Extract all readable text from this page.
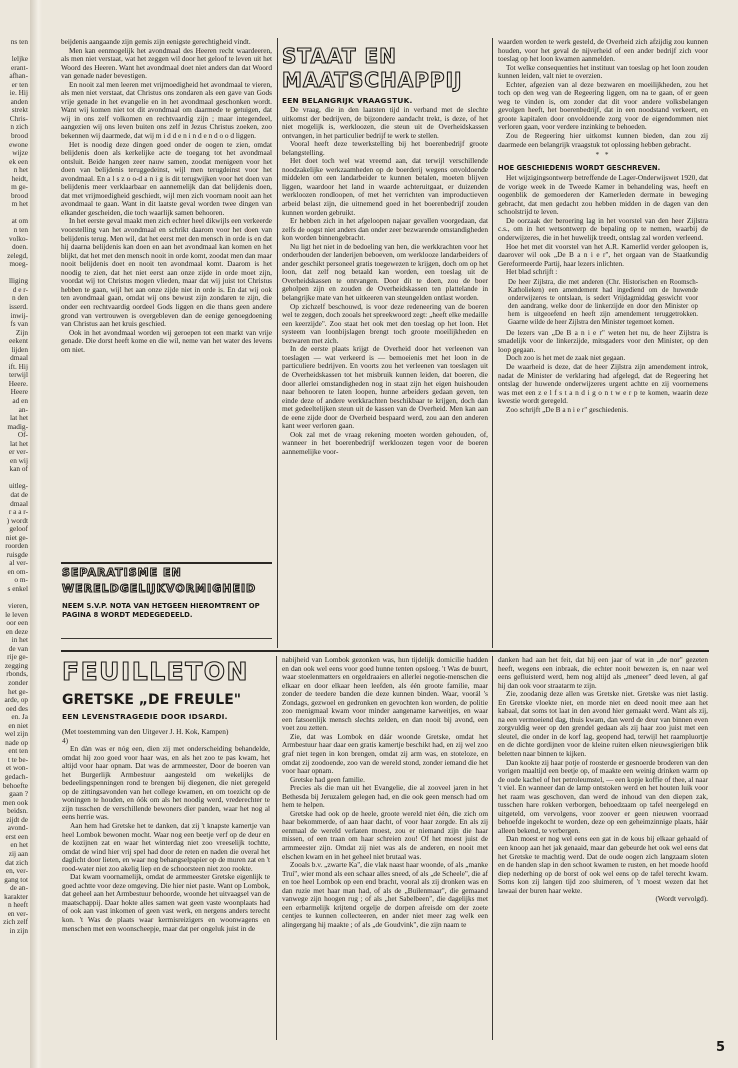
ns ten

leljke
erant-
afhan-
er ten
ie. Hij
anden
strekt
Chris-
n zich
brood
ewone
wijze
ek een
n het
heidt,
m ge-
brood
m het

at om
n ten
volko-
doen.
zelegd,
moeg-

lliging
d e r-
n den
isserd.
inwij-
fs van
Zijn
eekent
lijden
dmaal
ift. Hij
terwijl
Heere.
Heere
ad en
an-
lat het
madig-
Of-
lat het
er ver-
en wij
kan of

uitleg-
dat de
dmaal
r a a r-
) wordt
geloof
niet ge-
roorden
ruisgde
al ver-
en om-
o m-
s enkel

vieren,
le leven
oor een
en deze
in het
de van
rije ge-
zegging
rbonds,
zonder
het ge-
arde, op
oed des
en. Ja
en niet
wel zijn
nade op
ent ten
t te be-
et won-
gedach-
behoefte
gaan ?
men ook
beidsn.
zijdt de
avond-
erst een
en het
zij aan
dat zich
en, ver-
gang tot
de an-
karakter
n heeft
en ver-
zich zelf
in zijn

beijdenis aangaande zijn gemis zijn eenigste gerechtigheid vindt.

Men kan eenmogelijk het avondmaal des Heeren recht waardeeren, als men niet verstaat, wat het zeggen wil door het geloof te leven uit het Woord des Heeren. Want het avondmaal doet niet anders dan dat Woord van genade nader bevestigen.

En nooit zal men leeren met vrijmoedigheid het avondmaal te vieren, als men niet verstaat, dat Christus ons zondaren als een gave van Gods vrije genade in het evangelie en in het avondmaal geschonken wordt. Want wij komen niet tot dit avondmaal om daarmede te getuigen, dat wij in ons zelf volkomen en rechtvaardig zijn ; maar integendeel, aangezien wij ons leven buiten ons zelf in Jezus Christus zoeken, zoo bekennen wij daarmede, dat wij m i d d e n i n d e n d o o d liggen.

Het is noodig deze dingen goed onder de oogen te zien, omdat belijdenis doen als kerkelijke acte de toegang tot het avondmaal ontsluit. Beide hangen zeer nauw samen, zoodat menigeen voor het doen van belijdenis teruggedeinst, wijl men terugdeinst voor het avondmaal. En a l s z o o-d a n i g is dit terugwijken voor het doen van belijdenis meer verklaarbaar en aannemelijk dan dat belijdenis doen, dat met vrijmoedigheid geschiedt, wijl men zich voornam nooit aan het avondmaal te gaan. Want in dit laatste geval worden twee dingen van elkander gescheiden, die toch waarlijk samen behooren.

In het eerste geval maakt men zich echter heel dikwijls een verkeerde voorstelling van het avondmaal en schrikt daarom voor het doen van belijdenis terug. Men wil, dat het eerst met den mensch in orde is en dat hij daarna belijdenis kan doen en aan het avondmaal kan komen en het blijkt, dat het met den mensch nooit in orde komt, zoodat men dan maar nooit belijdenis doet en nooit ten avondmaal komt. Daarom is het noodig te zien, dat het niet eerst aan onze zijde in orde moet zijn, voordat wij tot Christus mogen vlieden, maar dat wij juist tot Christus hebben te gaan, wijl het aan onze zijde niet in orde is. En dat wij ook ten avondmaal gaan, omdat wij ons bewust zijn zondaren te zijn, die onder een rechtvaardig oordeel Gods liggen en die thans geen andere grond van vertrouwen is overgebleven dan de eenige genoegdoening van Christus aan het kruis geschied.

Ook in het avondmaal worden wij geroepen tot een markt van vrije genade. Die dorst heeft kome en die wil, neme van het water des levens om niet.

SEPARATISME EN
WERELDGELIJKVORMIGHEID
NEEM S.V.P. NOTA VAN HETGEEN HIEROMTRENT OP PAGINA 8 WORDT MEDEGEDEELD.
STAAT EN
MAATSCHAPPIJ
EEN BELANGRIJK VRAAGSTUK.

De vraag, die in den laatsten tijd in verband met de slechte uitkomst der bedrijven, de bijzondere aandacht trekt, is deze, of het niet mogelijk is, werkloozen, die steun uit de Overheidskassen ontvangen, in het particulier bedrijf te werk te stellen.

Vooral heeft deze tewerkstelling bij het boerenbedrijf groote belangstelling.

Het doet toch wel wat vreemd aan, dat terwijl verschillende noodzakelijke werkzaamheden op de boerderij wegens onvoldoende middelen om een landarbeider te kunnen betalen, moeten blijven liggen, waardoor het land in waarde achteruitgaat, er duizenden werkloozen rondloopen, of met het verrichten van improductieven arbeid belast zijn, die uitnemend goed in het boerenbedrijf zouden kunnen worden gebruikt.

Er hebben zich in het afgeloopen najaar gevallen voorgedaan, dat zelfs de oogst niet anders dan onder zeer bezwarende omstandigheden kon worden binnengebracht.

Nu ligt het niet in de bedoeling van hen, die werkkrachten voor het onderhouden der landerijen beboeven, om werklooze landarbeiders of ander geschikt personeel gratis toegewezen te krijgen, doch om op het loon, dat zelf nog betaald kan worden, een toeslag uit de Overheidskassen te ontvangen. Door dit te doen, zou de boer geholpen zijn en zouden de Overheidskassen ten plattelande in belangrijke mate van het uitkeeren van steungelden ontlast worden.

Op zichzelf beschouwd, is voor deze redeneering van de boeren wel te zeggen, doch zooals het spreekwoord zegt: „heeft elke medaille een keerzijde". Zoo staat het ook met den toeslag op het loon. Het systeem van loonbijslagen brengt toch groote moeilijkheden en bezwaren met zich.

In de eerste plaats krijgt de Overheid door het verleenen van toeslagen — wat verkeerd is — bemoeienis met het loon in de particuliere bedrijven. En voorts zou het verleenen van toeslagen uit de Overheidskassen tot het misbruik kunnen leiden, dat boeren, die door allerlei omstandigheden nog in staat zijn het eigen huishouden naar behooren te laten loopen, hunne arbeiders gedaan geven, ten einde deze of andere werkkrachten beschikbaar te krijgen, doch dan met gedeeltelijken steun uit de kassen van de Overheid. Men kan aan de eene zijde door de Overheid bespaard werd, zou aan den anderen kant weer verloren gaan.

Ook zal met de vraag rekening moeten worden gehouden, of, wanneer in het boerenbedrijf werkloozen tegen voor de boeren aannemelijke voor-

waarden worden te werk gesteld, de Overheid zich afzijdig zou kunnen houden, voor het geval de nijverheid of een ander bedrijf zich voor toeslag op het loon kwamen aanmelden.

Tot welke consequenties het instituut van toeslag op het loon zouden kunnen leiden, valt niet te overzien.

Echter, afgezien van al deze bezwaren en moeilijkheden, zou het toch op den weg van de Regeering liggen, om na te gaan, of er geen weg te vinden is, om zonder dat dit voor andere volksbelangen gevolgen heeft, het boerenbedrijf, dat in een noodstand verkeert, en groote kapitalen door onvoldoende zorg voor de eigendommen niet verloren gaan, voor verdere inzinking te behoeden.

Zou de Regeering hier uitkomst kunnen bieden, dan zou zij daarmede een belangrijk vraagstuk tot oplossing hebben gebracht.

* *

HOE GESCHIEDENIS WORDT GESCHREVEN.

Het wijzigingsontwerp betreffende de Lager-Onderwijswet 1920, dat de vorige week in de Tweede Kamer in behandeling was, heeft en oogenblik de gemoederen der Kamerleden dermate in beweging gebracht, dat men gedacht zou hebben midden in de dagen van den schoolstrijd te leven.

De oorzaak der beroering lag in het voorstel van den heer Zijlstra c.s., om in het wetsontwerp de bepaling op te nemen, waarbij de onderwijzeres, die in het huwelijk treedt, ontslag zal worden verleend.

Hoe het met dit voorstel van het A.R. Kamerlid verder geloopen is, daarover wil ook „De B a n i e r", het orgaan van de Staatkundig Gereformeerde Partij, haar lezers inlichten.

Het blad schrijft :

De heer Zijlstra, die met anderen (Chr. Historischen en Roomsch-Katholieken) een amendement had ingediend om de huwende onderwijzeres te ontslaan, is sedert Vrijdagmiddag geswicht voor den aandrang, welke door de linkerzijde en door den Minister op hem is uitgeoefend en heeft zijn amendement teruggetrokken. Gaarne wilde de heer Zijlstra den Minister tegemoet komen.

De lezers van „De B a n i e r" weten het nu, de heer Zijlstra is smadelijk voor de linkerzijde, mitsgaders voor den Minister, op den loop gegaan.

Doch zoo is het met de zaak niet gegaan.

De waarheid is deze, dat de heer Zijlstra zijn amendement introk, nadat de Minister de verklaring had afgelegd, dat de Regeering het ontslag der huwende onderwijzeres urgent achtte en zij voornemens was met een z e l f s t a n d i g o n t w e r p te komen, waarin deze kwestie wordt geregeld.

Zoo schrijft „De B a n i e r" geschiedenis.

FEUILLETON
GRETSKE „DE FREULE"
EEN LEVENSTRAGEDIE DOOR IDSARDI.

(Met toestemming van den Uitgever J. H. Kok, Kampen)

4)

En dàn was er nóg een, dien zij met onderscheiding behandelde, omdat hij zoo goed voor haar was, en als het zoo te pas kwam, het altijd voor haar opnam. Dat was de armmeester, Door de boeren van het Burgerlijk Armbestuur aangesteld om wekelijks de bedeelingspenningen rond te brengen bij diegenen, die niet geregeld op de zittingsavonden van het college kwamen, en om toezicht op de woningen te houden, en óók om als het noodig werd, vrederechter te zijn tusschen de verschillende bewoners dier panden, waar het nog al eens herrie was.

Aan hem had Gretske het te danken, dat zij 't knapste kamertje van heel Lombok bewonen mocht. Waar nog een beetje verf op de deur en de kozijnen zat en waar het winterdag niet zoo vreeselijk tochtte, omdat de wind hier vrij spel had door de reten en naden die overal het daglicht door lieten, en waar nog behangselpapier op de muren zat en 't rood-water niet zoo akelig liep en de schoorsteen niet zoo rookte.

Dat kwam voornamelijk, omdat de armmeester Gretske eigenlijk te goed achtte voor deze omgeving. Die hier niet paste. Want op Lombok, dat geheel aan het Armbestuur behoorde, woonde het uitvaagsel van de maatschappij. Daar hokte alles samen wat geen vaste woonplaats had of ook aan vast inkomen of geen vast werk, en nergens anders terecht kon. 't Was de plaats waar kermisreizigers en woonwagens en menschen met een woonscheepje, maar dat per ongeluk juist in de

nabijheid van Lombok gezonken was, hun tijdelijk domicilie hadden en dan ook wel eens voor goed hunne tenten opsloeg. 't Was de buurt, waar stoelenmatters en orgeldraaiers en allerlei negotie-menschen die elkaar en door elkaar heen leefden, als één groote familie, maar zonder de teedere banden die deze kunnen binden. Waar, voorál 's Zondags, gezwoel en gedronken en gevochten kon worden, de politie zoo menigmaal kwam voor minder aangename karweitjes, en waar een fatsoenlijk mensch slechts zelden, en dan nooit bij avond, een voet zou zetten.

Zie, dat was Lombok en dáár woonde Gretske, omdat het Armbestuur haar daar een gratis kamertje beschikt had, en zij wel zoo graf niet tegen in kon brengen, omdat zij arm was, en stoteloze, en omdat zij zoodoende, zoo van de wereld stond, zonder iemand die het voor haar opnam.

Gretske had geen familie.

Precies als die man uit het Evangelie, die al zooveel jaren in het Bethesda bij Jeruzalem gelegen had, en die ook geen mensch had om hem te helpen.

Gretske had ook op de heele, groote wereld niet één, die zich om haar bekommerde, of aan haar dacht, of voor haar zorgde. En als zij eenmaal de wereld verlaten moest, zou er niemand zijn die haar missen, of een traan om haar schreien zou! Of het moest juist de armmeester zijn. Omdat zij niet was als de anderen, en nooit met elschen kwam en in het geheel niet brutaal was.

Zooals b.v. „zwarte Ka", die vlak naast haar woonde, of als „manke Truí", wier mond als een schaar alles sneed, of als „de Scheele", die af en toe heel Lombok op een end bracht, vooral als zij dronken was en dan ruzie met haar man had, of als de „Builenmaar", die gemaand vanwege zijn hoogen rug ; of als „het Sabelbeen", die dagelijks met een erbarmelijk krijtend orgelje de dorpen afreisde om der zoete centjes te kunnen collecteeren, en ander niet meer zag welk een alingergang hij maakte ; of als „de Goudvink", die zijn naam te

danken had aan het feit, dat hij een jaar of wat in „de nor" gezeten heeft, wegens een inbraak, die echter nooit bewezen is, en naar wel eens gefluisterd werd, hem nog altijd als „meneer" deed leven, al gaf hij dan ook voor straatarm te zijn.

Zie, zoodanig deze allen was Gretske niet. Gretske was niet lastig. En Gretske vloekte niet, en morde niet en deed nooit mee aan het kabaal, dat soms tot laat in den avond hier gemaakt werd. Want als zij, na een vermoeiend dag, thuis kwam, dan werd de deur van binnen even zorgvuldig weer op den grendel gedaan als zij haar zoo juist met een sleutel, die onder in de korf lag, geopend had, terwijl het raampluortje en de dichte gordijnen voor de kleine ruiten elken nieuwsgierigen blik beletten naar binnen te kijken.

Dan kookte zij haar potje of roosterde er gesnoerde broderen van den vorigen maaltijd een beetje op, of maakte een weinig drinken warm op de oude kachel of het petroleumstel, — een kopje koffie of thee, al naar 't viel. En wanneer dan de lamp ontstoken werd en het houten luik voor het raam was geschoven, dan werd de inhoud van den diepen zak, tusschen hare rokken verborgen, behoedzaam op tafel neergelegd en uitgeteld, om vervolgens, voor zoover er geen nieuwen voorraad behoefde ingekocht te worden, deze op een geheimzinnige plaats, háár alleen bekend, te verbergen.

Dan moest er nog wel eens een gat in de kous bij elkaar gehaald of een knoop aan het jak genaaid, maar dan gebeurde het ook wel eens dat het Gretske te machtig werd. Dat de oude oogen zich langzaam sloten en de handen slap in den schoot kwamen te rusten, en het moede hoofd diep nederhing op de borst of ook wel eens op de tafel terecht kwam. Soms kon zij langen tijd zoo sluimeren, of 't moest wezen dat het lawaai der buren haar wekte.

(Wordt vervolgd).

5
